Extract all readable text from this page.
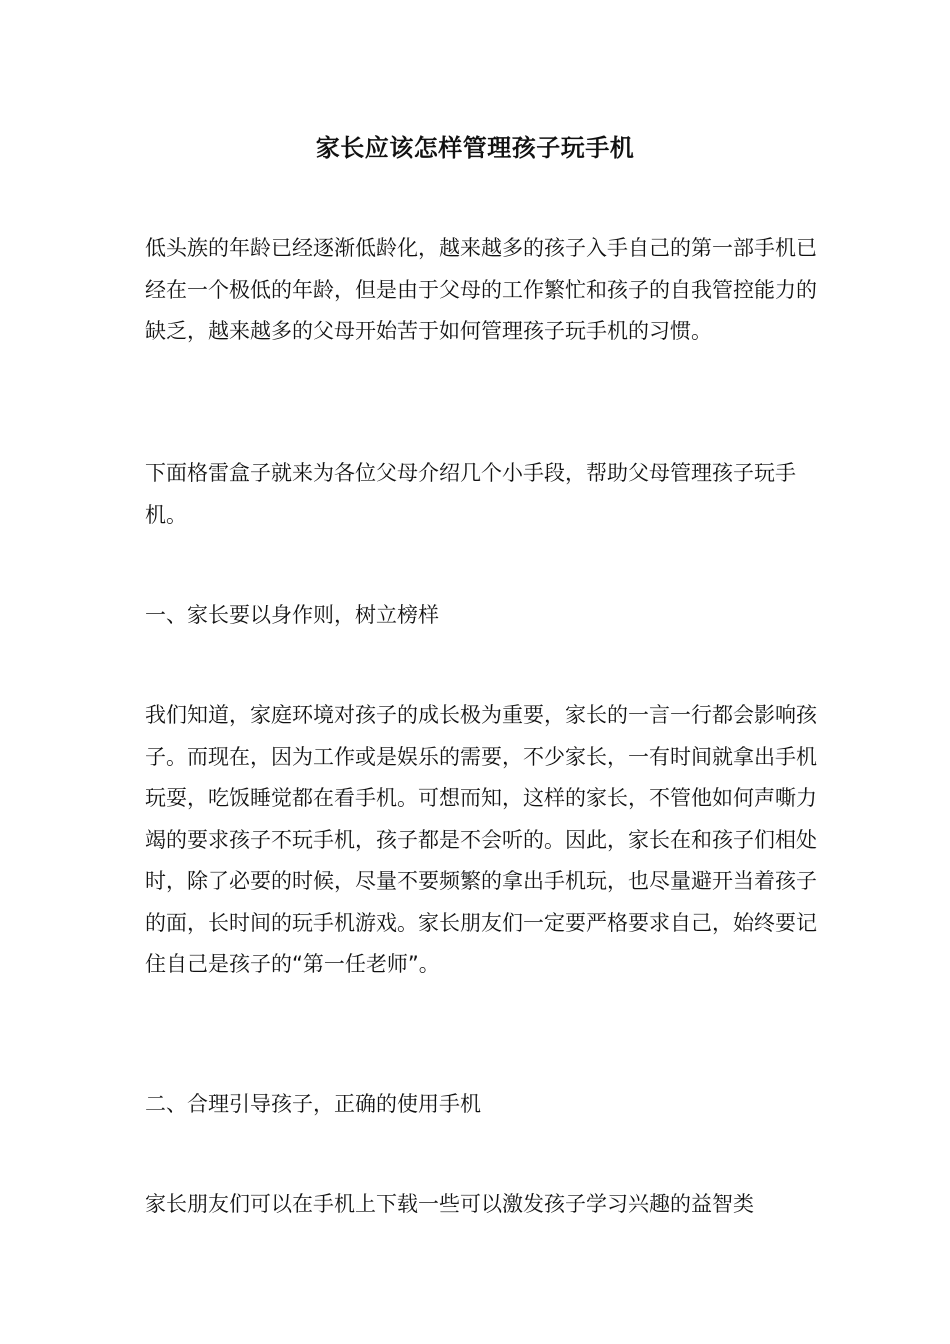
家长应该怎样管理孩子玩手机

低头族的年龄已经逐渐低龄化，越来越多的孩子入手自己的第一部手机已经在一个极低的年龄，但是由于父母的工作繁忙和孩子的自我管控能力的缺乏，越来越多的父母开始苦于如何管理孩子玩手机的习惯。

下面格雷盒子就来为各位父母介绍几个小手段，帮助父母管理孩子玩手机。

一、家长要以身作则，树立榜样

我们知道，家庭环境对孩子的成长极为重要，家长的一言一行都会影响孩子。而现在，因为工作或是娱乐的需要，不少家长，一有时间就拿出手机玩耍，吃饭睡觉都在看手机。可想而知，这样的家长，不管他如何声嘶力竭的要求孩子不玩手机，孩子都是不会听的。因此，家长在和孩子们相处时，除了必要的时候，尽量不要频繁的拿出手机玩，也尽量避开当着孩子的面，长时间的玩手机游戏。家长朋友们一定要严格要求自己，始终要记住自己是孩子的“第一任老师”。

二、合理引导孩子，正确的使用手机

家长朋友们可以在手机上下载一些可以激发孩子学习兴趣的益智类
